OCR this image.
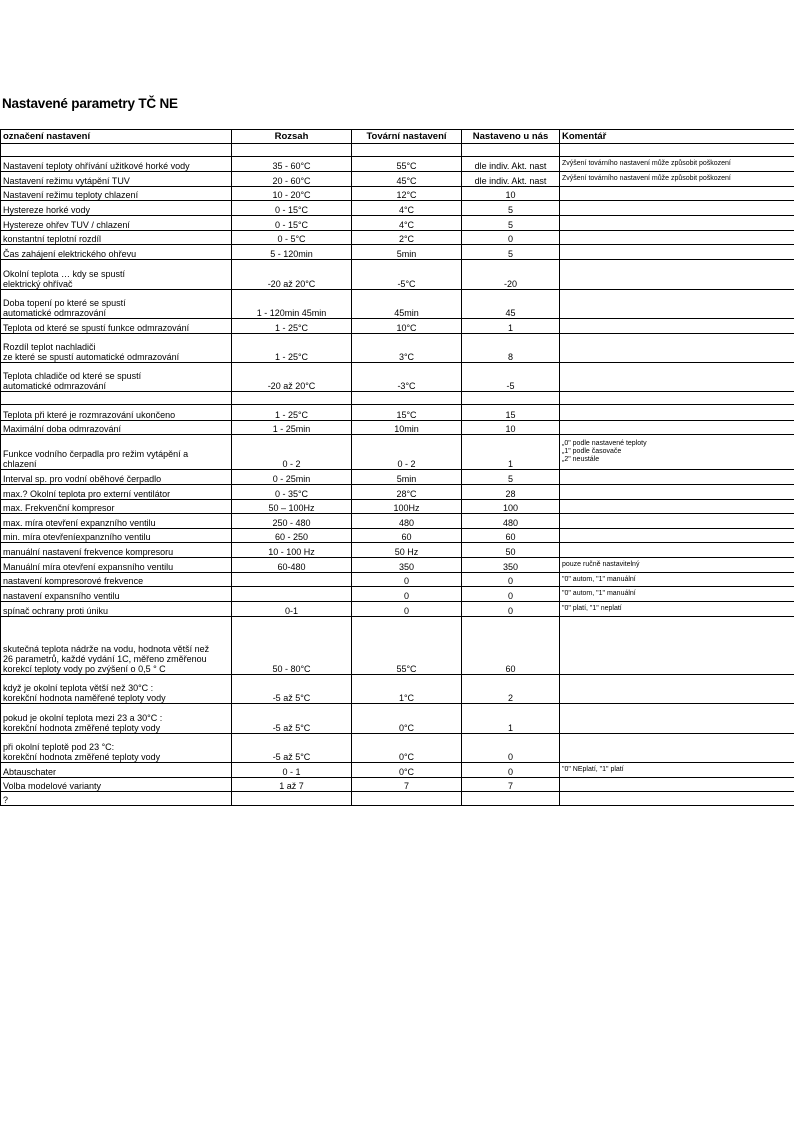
Nastavené parametry TČ NE
označení nastavení	Rozsah	Tovární nastavení	Nastaveno u nás	Komentář

Nastavení teploty ohřívání užitkové horké vody	35 - 60°C	55°C	dle indiv. Akt. nast	Zvýšení továrního nastavení může způsobit poškození
Nastavení režimu vytápění TUV	20 - 60°C	45°C	dle indiv. Akt. nast	Zvýšení továrního nastavení může způsobit poškození
Nastavení režimu teploty chlazení	10 - 20°C	12°C	10	
Hystereze horké vody	0 - 15°C	4°C	5	
Hystereze ohřev TUV / chlazení	0 - 15°C	4°C	5	
konstantní teplotní rozdíl	0 - 5°C	2°C	0	
Čas zahájení elektrického ohřevu	5 - 120min	5min	5	
Okolní teplota … kdy se spustí
elektrický ohřívač	-20 až 20°C	-5°C	-20	
Doba topení po které se spustí
automatické odmrazování	1 - 120min 45min	45min	45	
Teplota od které se spustí funkce odmrazování	1 - 25°C	10°C	1	
Rozdíl teplot nachladiči
ze které se spustí automatické odmrazování	1 - 25°C	3°C	8	
Teplota chladiče od které se spustí
automatické odmrazování	-20 až 20°C	-3°C	-5	

Teplota při které je rozmrazování ukončeno	1 - 25°C	15°C	15	
Maximální doba odmrazování	1 - 25min	10min	10	
Funkce vodního čerpadla pro režim vytápění a
chlazení	0 - 2	0 - 2	1	„0" podle nastavené teploty
„1" podle časovače
„2" neustále
Interval sp. pro vodní oběhové čerpadlo	0 - 25min	5min	5	
max.? Okolní teplota pro externí ventilátor	0 - 35°C	28°C	28	
max. Frekvenční kompresor	50 – 100Hz	100Hz	100	
max. míra otevření expanzního ventilu	250 - 480	480	480	
min. míra otevřeníexpanzního ventilu	60 - 250	60	60	
manuální nastavení frekvence kompresoru	10 - 100 Hz	50 Hz	50	
Manuální míra otevření expansního ventilu	60-480	350	350	pouze ručně nastavitelný
nastavení kompresorové frekvence		0	0	"0" autom, "1" manuální
nastavení expansního ventilu		0	0	"0" autom, "1" manuální
spínač ochrany proti úniku	0-1	0	0	"0" platí, "1" neplatí
skutečná teplota nádrže na vodu, hodnota větší než
26 parametrů, každé vydání 1C, měřeno změřenou
korekcí teploty vody po zvýšení o 0,5 ° C	50 - 80°C	55°C	60	
když je okolní teplota větší než 30°C :
korekční hodnota naměřené teploty vody	-5 až 5°C	1°C	2	
pokud je okolní teplota mezi 23 a 30°C :
korekční hodnota změřené teploty vody	-5 až 5°C	0°C	1	
při okolní teplotě pod 23 °C:
korekční hodnota změřené teploty vody	-5 až 5°C	0°C	0	
Abtauschater	0 - 1	0°C	0	"0" NEplatí, "1" platí
Volba modelové varianty	1 až 7	7	7	
?				
